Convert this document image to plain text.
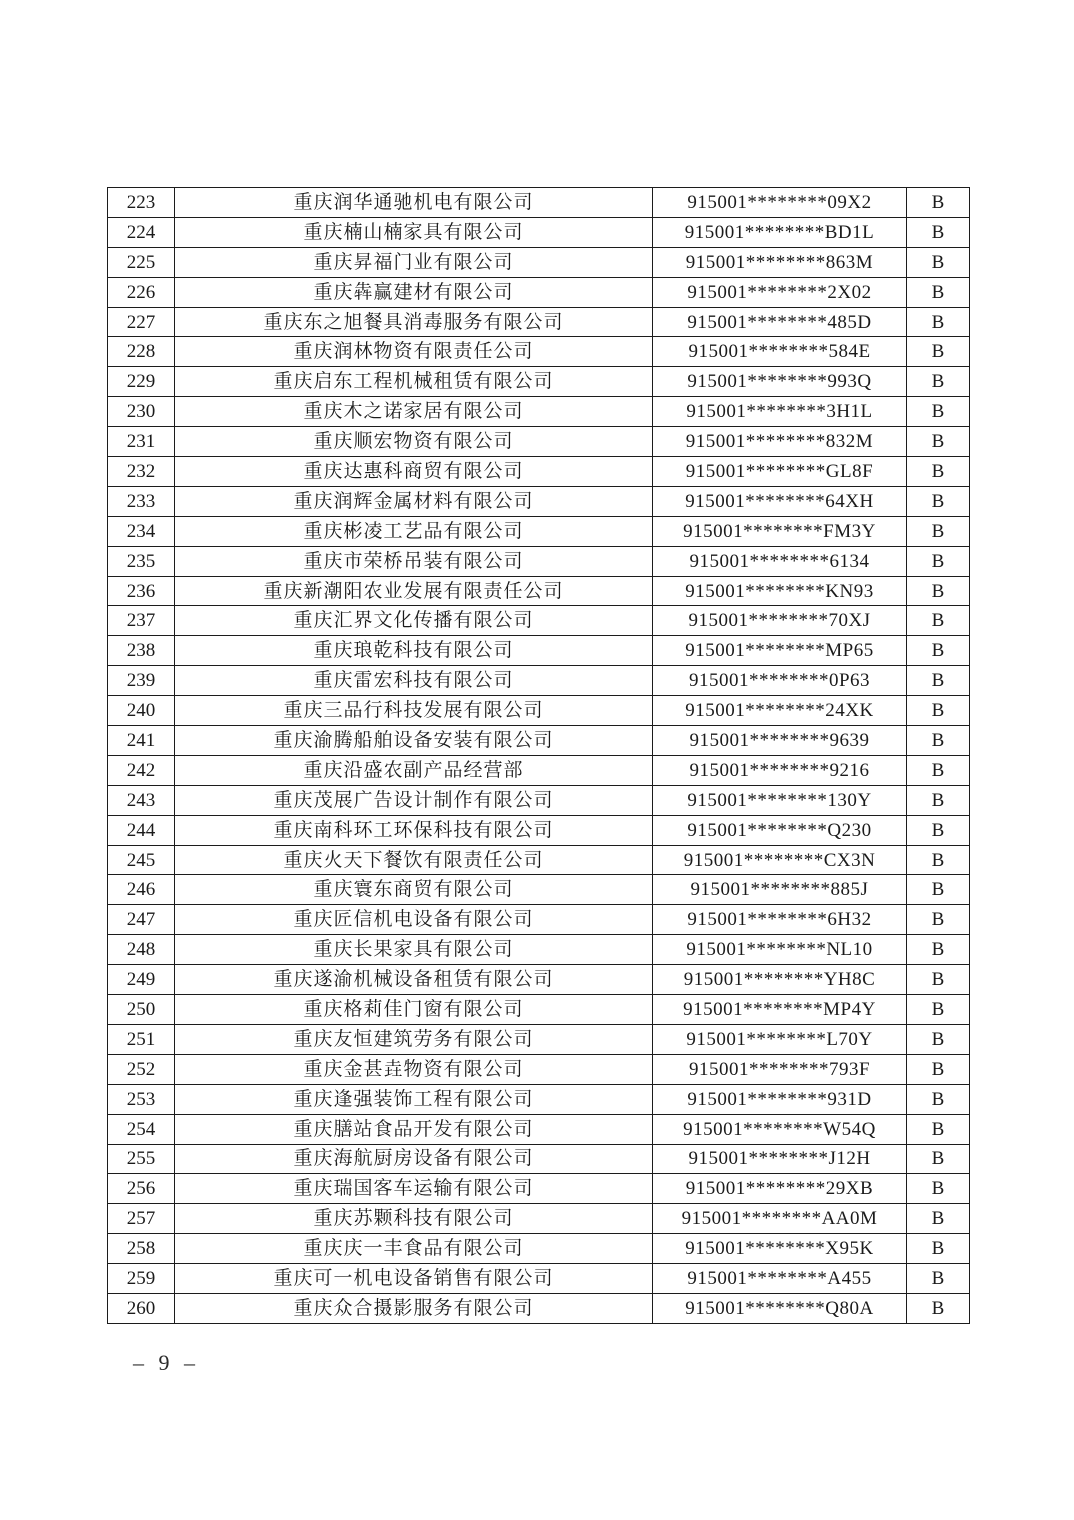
223	重庆润华通驰机电有限公司	915001********09X2	B
224	重庆楠山楠家具有限公司	915001********BD1L	B
225	重庆昇福门业有限公司	915001********863M	B
226	重庆犇赢建材有限公司	915001********2X02	B
227	重庆东之旭餐具消毒服务有限公司	915001********485D	B
228	重庆润林物资有限责任公司	915001********584E	B
229	重庆启东工程机械租赁有限公司	915001********993Q	B
230	重庆木之诺家居有限公司	915001********3H1L	B
231	重庆顺宏物资有限公司	915001********832M	B
232	重庆达惠科商贸有限公司	915001********GL8F	B
233	重庆润辉金属材料有限公司	915001********64XH	B
234	重庆彬凌工艺品有限公司	915001********FM3Y	B
235	重庆市荣桥吊装有限公司	915001********6134	B
236	重庆新潮阳农业发展有限责任公司	915001********KN93	B
237	重庆汇界文化传播有限公司	915001********70XJ	B
238	重庆琅乾科技有限公司	915001********MP65	B
239	重庆雷宏科技有限公司	915001********0P63	B
240	重庆三品行科技发展有限公司	915001********24XK	B
241	重庆渝腾船舶设备安装有限公司	915001********9639	B
242	重庆沿盛农副产品经营部	915001********9216	B
243	重庆茂展广告设计制作有限公司	915001********130Y	B
244	重庆南科环工环保科技有限公司	915001********Q230	B
245	重庆火天下餐饮有限责任公司	915001********CX3N	B
246	重庆寰东商贸有限公司	915001********885J	B
247	重庆匠信机电设备有限公司	915001********6H32	B
248	重庆长果家具有限公司	915001********NL10	B
249	重庆遂渝机械设备租赁有限公司	915001********YH8C	B
250	重庆格莉佳门窗有限公司	915001********MP4Y	B
251	重庆友恒建筑劳务有限公司	915001********L70Y	B
252	重庆金甚垚物资有限公司	915001********793F	B
253	重庆逢强装饰工程有限公司	915001********931D	B
254	重庆膳站食品开发有限公司	915001********W54Q	B
255	重庆海航厨房设备有限公司	915001********J12H	B
256	重庆瑞国客车运输有限公司	915001********29XB	B
257	重庆苏颗科技有限公司	915001********AA0M	B
258	重庆庆一丰食品有限公司	915001********X95K	B
259	重庆可一机电设备销售有限公司	915001********A455	B
260	重庆众合摄影服务有限公司	915001********Q80A	B
– 9 –
